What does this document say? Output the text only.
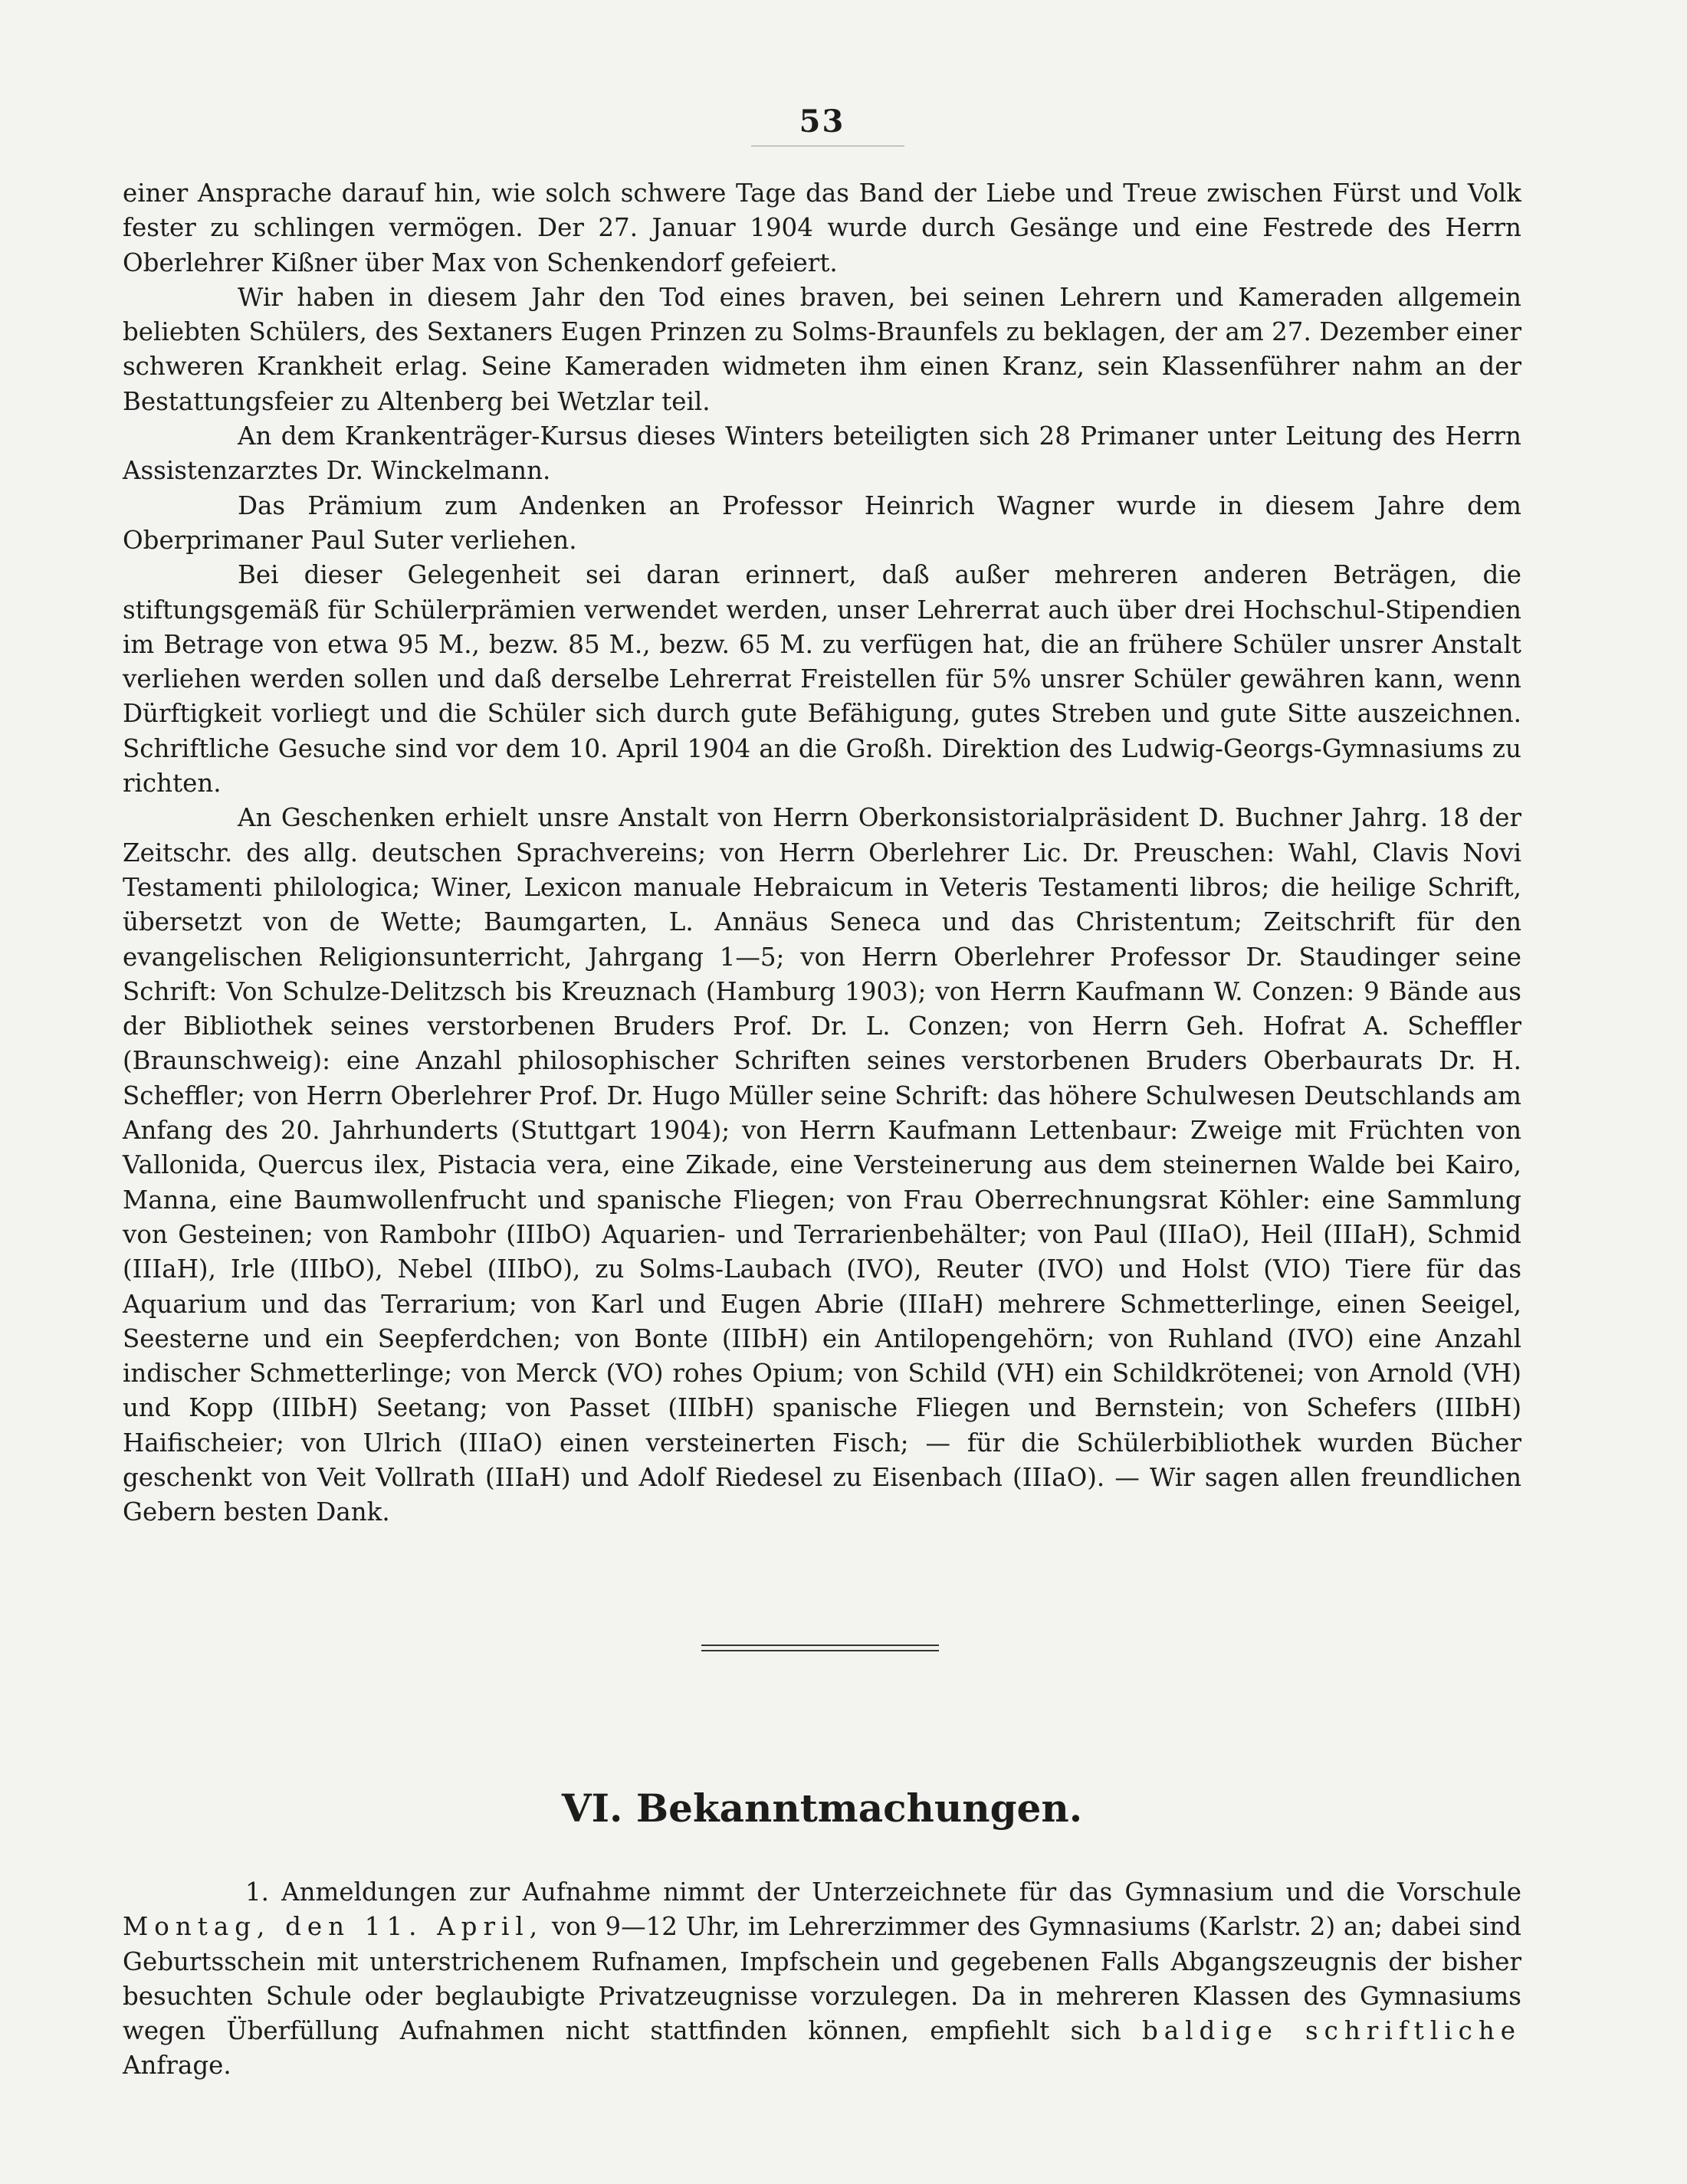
53

einer Ansprache darauf hin, wie solch schwere Tage das Band der Liebe und Treue zwischen Fürst und Volk fester zu schlingen vermögen. Der 27. Januar 1904 wurde durch Gesänge und eine Festrede des Herrn Oberlehrer Kißner über Max von Schenkendorf gefeiert.

Wir haben in diesem Jahr den Tod eines braven, bei seinen Lehrern und Kameraden allgemein beliebten Schülers, des Sextaners Eugen Prinzen zu Solms-Braunfels zu beklagen, der am 27. Dezember einer schweren Krankheit erlag. Seine Kameraden widmeten ihm einen Kranz, sein Klassenführer nahm an der Bestattungsfeier zu Altenberg bei Wetzlar teil.

An dem Krankenträger-Kursus dieses Winters beteiligten sich 28 Primaner unter Leitung des Herrn Assistenzarztes Dr. Winckelmann.

Das Prämium zum Andenken an Professor Heinrich Wagner wurde in diesem Jahre dem Oberprimaner Paul Suter verliehen.

Bei dieser Gelegenheit sei daran erinnert, daß außer mehreren anderen Beträgen, die stiftungsgemäß für Schülerprämien verwendet werden, unser Lehrerrat auch über drei Hochschul-Stipendien im Betrage von etwa 95 M., bezw. 85 M., bezw. 65 M. zu verfügen hat, die an frühere Schüler unsrer Anstalt verliehen werden sollen und daß derselbe Lehrerrat Freistellen für 5% unsrer Schüler gewähren kann, wenn Dürftigkeit vorliegt und die Schüler sich durch gute Befähigung, gutes Streben und gute Sitte auszeichnen. Schriftliche Gesuche sind vor dem 10. April 1904 an die Großh. Direktion des Ludwig-Georgs-Gymnasiums zu richten.

An Geschenken erhielt unsre Anstalt von Herrn Oberkonsistorialpräsident D. Buchner Jahrg. 18 der Zeitschr. des allg. deutschen Sprachvereins; von Herrn Oberlehrer Lic. Dr. Preuschen: Wahl, Clavis Novi Testamenti philologica; Winer, Lexicon manuale Hebraicum in Veteris Testamenti libros; die heilige Schrift, übersetzt von de Wette; Baumgarten, L. Annäus Seneca und das Christentum; Zeitschrift für den evangelischen Religionsunterricht, Jahrgang 1—5; von Herrn Oberlehrer Professor Dr. Staudinger seine Schrift: Von Schulze-Delitzsch bis Kreuznach (Hamburg 1903); von Herrn Kaufmann W. Conzen: 9 Bände aus der Bibliothek seines verstorbenen Bruders Prof. Dr. L. Conzen; von Herrn Geh. Hofrat A. Scheffler (Braunschweig): eine Anzahl philosophischer Schriften seines verstorbenen Bruders Oberbaurats Dr. H. Scheffler; von Herrn Oberlehrer Prof. Dr. Hugo Müller seine Schrift: das höhere Schulwesen Deutschlands am Anfang des 20. Jahrhunderts (Stuttgart 1904); von Herrn Kaufmann Lettenbaur: Zweige mit Früchten von Vallonida, Quercus ilex, Pistacia vera, eine Zikade, eine Versteinerung aus dem steinernen Walde bei Kairo, Manna, eine Baumwollenfrucht und spanische Fliegen; von Frau Oberrechnungsrat Köhler: eine Sammlung von Gesteinen; von Rambohr (IIIbO) Aquarien- und Terrarienbehälter; von Paul (IIIaO), Heil (IIIaH), Schmid (IIIaH), Irle (IIIbO), Nebel (IIIbO), zu Solms-Laubach (IVO), Reuter (IVO) und Holst (VIO) Tiere für das Aquarium und das Terrarium; von Karl und Eugen Abrie (IIIaH) mehrere Schmetterlinge, einen Seeigel, Seesterne und ein Seepferdchen; von Bonte (IIIbH) ein Antilopengehörn; von Ruhland (IVO) eine Anzahl indischer Schmetterlinge; von Merck (VO) rohes Opium; von Schild (VH) ein Schildkrötenei; von Arnold (VH) und Kopp (IIIbH) Seetang; von Passet (IIIbH) spanische Fliegen und Bernstein; von Schefers (IIIbH) Haifischeier; von Ulrich (IIIaO) einen versteinerten Fisch; — für die Schülerbibliothek wurden Bücher geschenkt von Veit Vollrath (IIIaH) und Adolf Riedesel zu Eisenbach (IIIaO). — Wir sagen allen freundlichen Gebern besten Dank.

VI. Bekanntmachungen.

1. Anmeldungen zur Aufnahme nimmt der Unterzeichnete für das Gymnasium und die Vorschule Montag, den 11. April, von 9—12 Uhr, im Lehrerzimmer des Gymnasiums (Karlstr. 2) an; dabei sind Geburtsschein mit unterstrichenem Rufnamen, Impfschein und gegebenen Falls Abgangszeugnis der bisher besuchten Schule oder beglaubigte Privatzeugnisse vorzulegen. Da in mehreren Klassen des Gymnasiums wegen Überfüllung Aufnahmen nicht stattfinden können, empfiehlt sich baldige schriftliche Anfrage.
